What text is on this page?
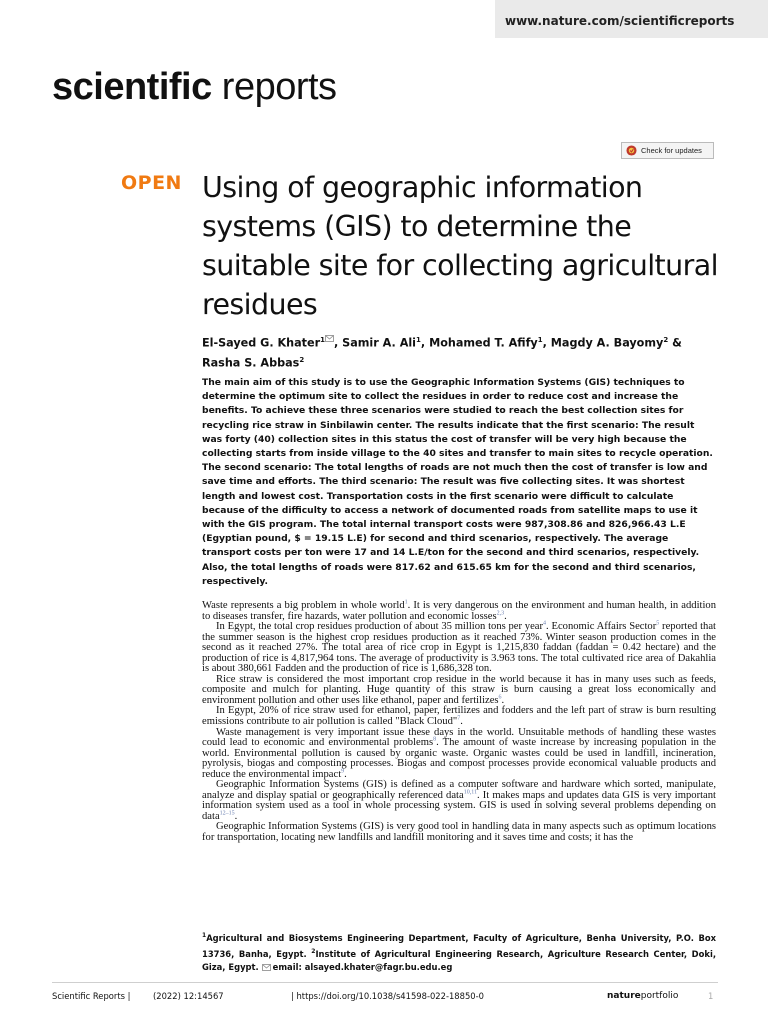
www.nature.com/scientificreports
scientific reports
Check for updates
OPEN Using of geographic information systems (GIS) to determine the suitable site for collecting agricultural residues
El-Sayed G. Khater$^1$ , Samir A. Ali$^1$, Mohamed T. Afify$^1$, Magdy A. Bayomy$^2$ &
Rasha S. Abbas$^2$
The main aim of this study is to use the Geographic Information Systems (GIS) techniques to determine the optimum site to collect the residues in order to reduce cost and increase the benefits. To achieve these three scenarios were studied to reach the best collection sites for recycling rice straw in Sinbilawin center. The results indicate that the first scenario: The result was forty (40) collection sites in this status the cost of transfer will be very high because the collecting starts from inside village to the 40 sites and transfer to main sites to recycle operation. The second scenario: The total lengths of roads are not much then the cost of transfer is low and save time and efforts. The third scenario: The result was five collecting sites. It was shortest length and lowest cost. Transportation costs in the first scenario were difficult to calculate because of the difficulty to access a network of documented roads from satellite maps to use it with the GIS program. The total internal transport costs were 987,308.86 and 826,966.43 L.E (Egyptian pound, $ = 19.15 L.E) for second and third scenarios, respectively. The average transport costs per ton were 17 and 14 L.E/ton for the second and third scenarios, respectively. Also, the total lengths of roads were 817.62 and 615.65 km for the second and third scenarios, respectively.

Waste represents a big problem in whole world$^1$. It is very dangerous on the environment and human health, in addition to diseases transfer, fire hazards, water pollution and economic losses$^{2,3}$.

In Egypt, the total crop residues production of about 35 million tons per year$^4$. Economic Affairs Sector$^5$ reported that the summer season is the highest crop residues production as it reached 73%. Winter season production comes in the second as it reached 27%. The total area of rice crop in Egypt is 1,215,830 faddan (faddan = 0.42 hectare) and the production of rice is 4,817,964 tons. The average of productivity is 3.963 tons. The total cultivated rice area of Dakahlia is about 380,661 Fadden and the production of rice is 1,686,328 ton.

Rice straw is considered the most important crop residue in the world because it has in many uses such as feeds, composite and mulch for planting. Huge quantity of this straw is burn causing a great loss economically and environment pollution and other uses like ethanol, paper and fertilizes$^6$.

In Egypt, 20% of rice straw used for ethanol, paper, fertilizes and fodders and the left part of straw is burn resulting emissions contribute to air pollution is called "Black Cloud"$^7$.

Waste management is very important issue these days in the world. Unsuitable methods of handling these wastes could lead to economic and environmental problems$^8$. The amount of waste increase by increasing population in the world. Environmental pollution is caused by organic waste. Organic wastes could be used in landfill, incineration, pyrolysis, biogas and composting processes. Biogas and compost processes provide economical valuable products and reduce the environmental impact$^9$.

Geographic Information Systems (GIS) is defined as a computer software and hardware which sorted, manipulate, analyze and display spatial or geographically referenced data$^{10,11}$. It makes maps and updates data GIS is very important information system used as a tool in whole processing system. GIS is used in solving several problems depending on data$^{12-15}$.

Geographic Information Systems (GIS) is very good tool in handling data in many aspects such as optimum locations for transportation, locating new landfills and landfill monitoring and it saves time and costs; it has the

$^1$Agricultural and Biosystems Engineering Department, Faculty of Agriculture, Benha University, P.O. Box 13736, Banha, Egypt. $^2$Institute of Agricultural Engineering Research, Agriculture Research Center, Doki, Giza, Egypt. email: alsayed.khater@fagr.bu.edu.eg
Scientific Reports |	(2022) 12:14567	| https://doi.org/10.1038/s41598-022-18850-0	natureportfolio	1
